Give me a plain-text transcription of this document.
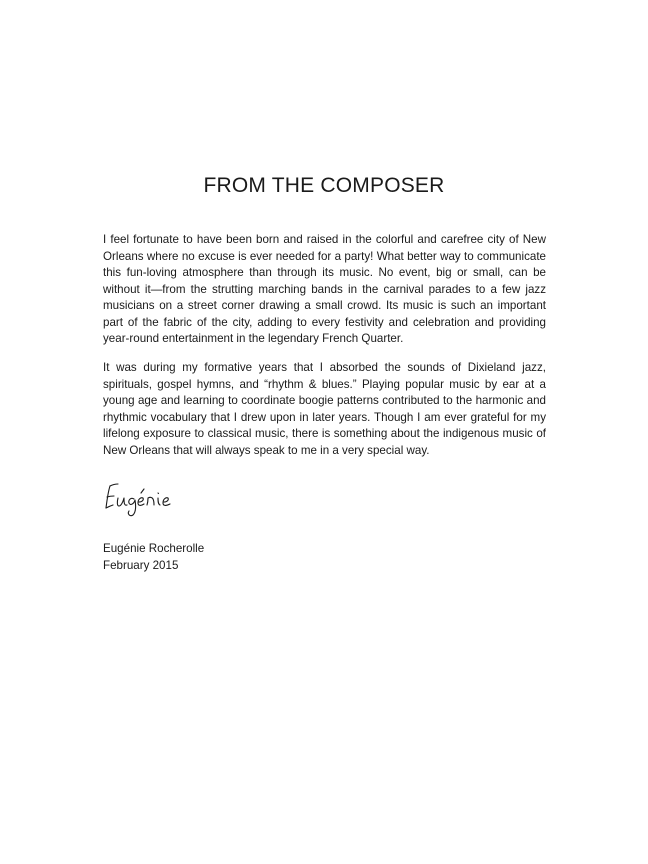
FROM THE COMPOSER

I feel fortunate to have been born and raised in the colorful and carefree city of New Orleans where no excuse is ever needed for a party! What better way to communicate this fun-loving atmosphere than through its music. No event, big or small, can be without it—from the strutting marching bands in the carnival parades to a few jazz musicians on a street corner drawing a small crowd. Its music is such an important part of the fabric of the city, adding to every festivity and celebration and providing year-round entertainment in the legendary French Quarter.

It was during my formative years that I absorbed the sounds of Dixieland jazz, spirituals, gospel hymns, and “rhythm & blues.” Playing popular music by ear at a young age and learning to coordinate boogie patterns contributed to the harmonic and rhythmic vocabulary that I drew upon in later years. Though I am ever grateful for my lifelong exposure to classical music, there is something about the indigenous music of New Orleans that will always speak to me in a very special way.

Eugénie Rocherolle
February 2015
